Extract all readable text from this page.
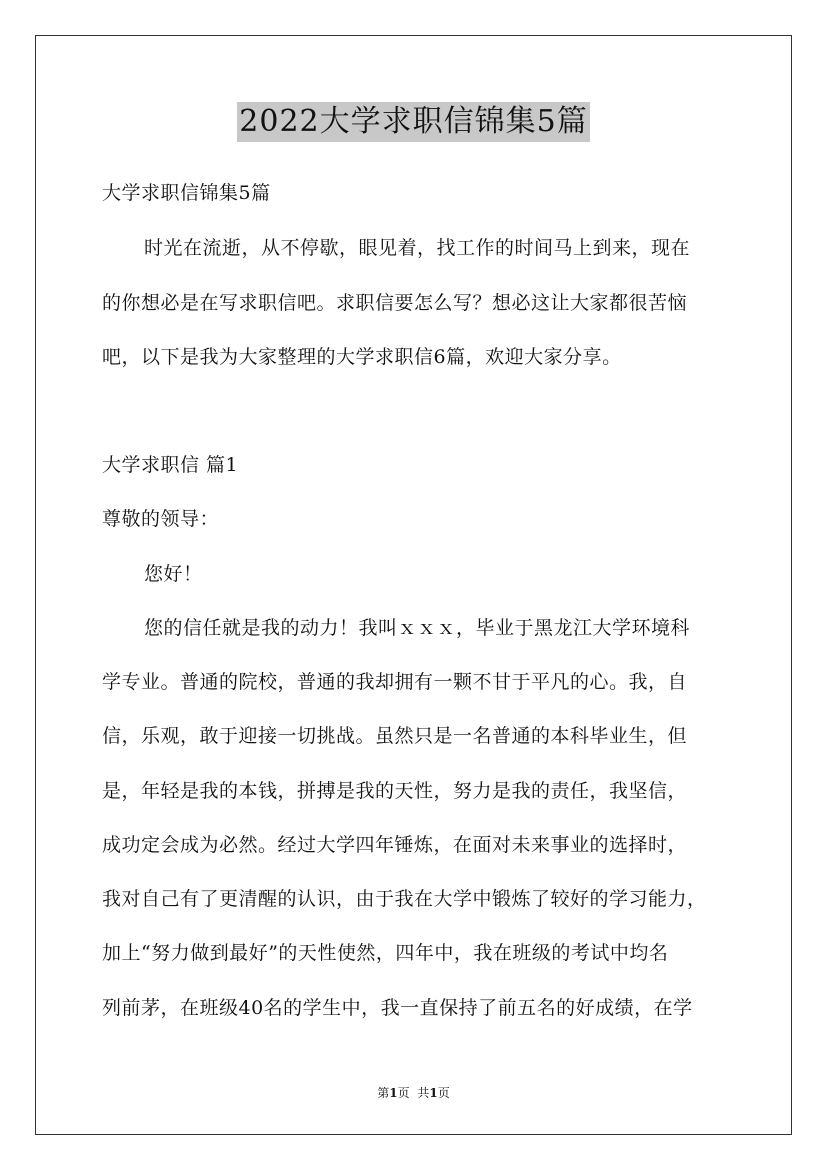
2022大学求职信锦集5篇
大学求职信锦集5篇
时光在流逝，从不停歇，眼见着，找工作的时间马上到来，现在
的你想必是在写求职信吧。求职信要怎么写？想必这让大家都很苦恼
吧，以下是我为大家整理的大学求职信6篇，欢迎大家分享。
大学求职信 篇1
尊敬的领导：
您好！
您的信任就是我的动力！我叫ｘｘｘ，毕业于黑龙江大学环境科
学专业。普通的院校，普通的我却拥有一颗不甘于平凡的心。我，自
信，乐观，敢于迎接一切挑战。虽然只是一名普通的本科毕业生，但
是，年轻是我的本钱，拼搏是我的天性，努力是我的责任，我坚信，
成功定会成为必然。经过大学四年锤炼，在面对未来事业的选择时，
我对自己有了更清醒的认识，由于我在大学中锻炼了较好的学习能力，
加上“努力做到最好”的天性使然，四年中，我在班级的考试中均名
列前茅，在班级40名的学生中，我一直保持了前五名的好成绩，在学
第1页 共1页
